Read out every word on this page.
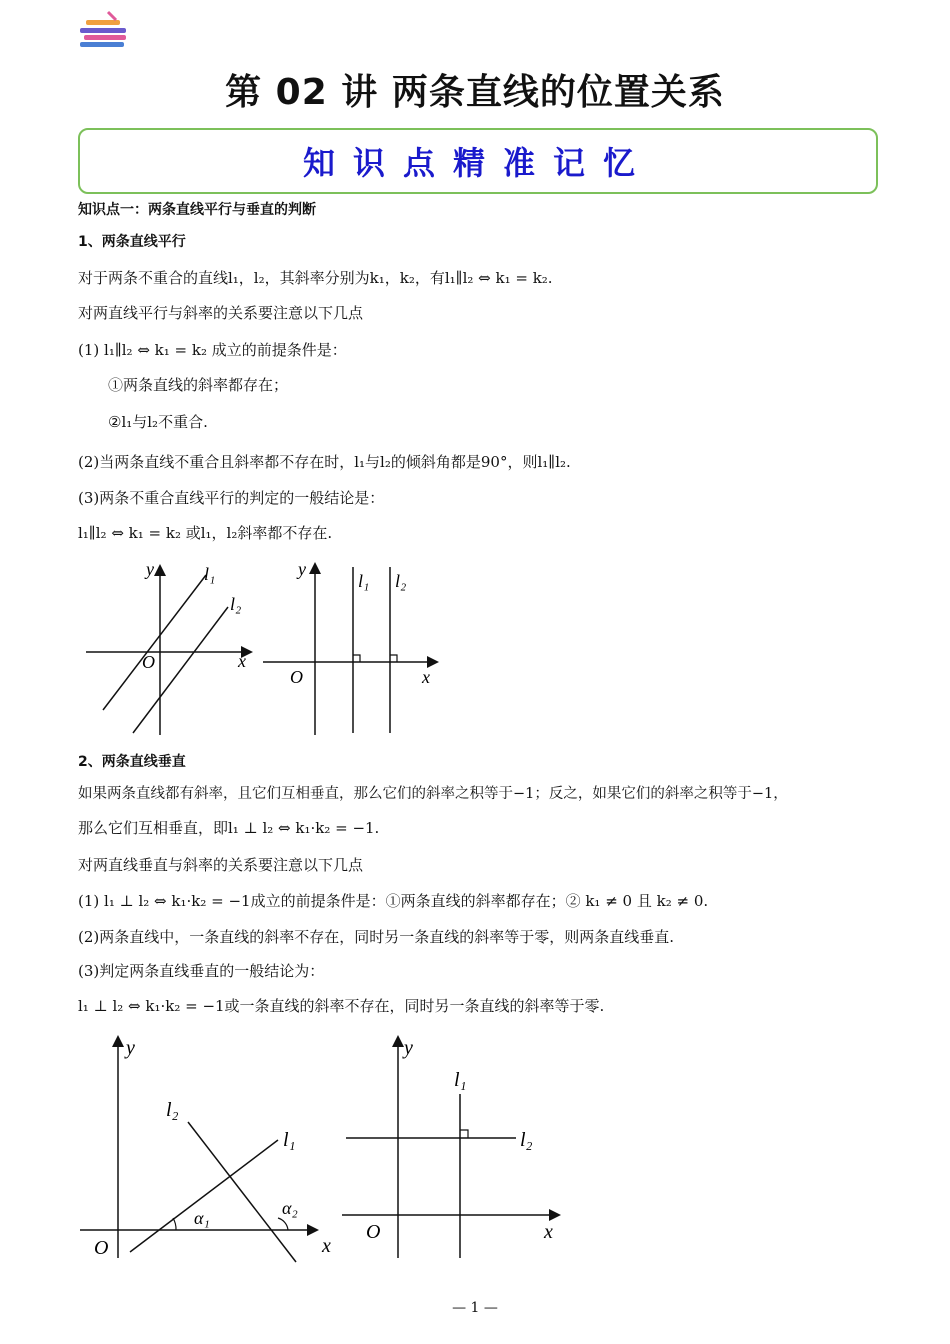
第 02 讲 两条直线的位置关系
知识点精准记忆
知识点一：两条直线平行与垂直的判断
1、两条直线平行
对于两条不重合的直线l₁，l₂，其斜率分别为k₁，k₂，有l₁∥l₂ ⇔ k₁ = k₂.
对两直线平行与斜率的关系要注意以下几点
(1) l₁∥l₂ ⇔ k₁ = k₂ 成立的前提条件是：
①两条直线的斜率都存在；
②l₁与l₂不重合.
(2)当两条直线不重合且斜率都不存在时，l₁与l₂的倾斜角都是90°，则l₁∥l₂.
(3)两条不重合直线平行的判定的一般结论是：
l₁∥l₂ ⇔ k₁ = k₂ 或l₁，l₂斜率都不存在.
y
x
O
l₁
l₂
y
x
O
l₁ l₂
2、两条直线垂直
如果两条直线都有斜率，且它们互相垂直，那么它们的斜率之积等于−1；反之，如果它们的斜率之积等于−1，
那么它们互相垂直，即l₁ ⊥ l₂ ⇔ k₁·k₂ = −1.
对两直线垂直与斜率的关系要注意以下几点
(1) l₁ ⊥ l₂ ⇔ k₁·k₂ = −1成立的前提条件是：①两条直线的斜率都存在；② k₁ ≠ 0 且 k₂ ≠ 0.
(2)两条直线中，一条直线的斜率不存在，同时另一条直线的斜率等于零，则两条直线垂直.
(3)判定两条直线垂直的一般结论为：
l₁ ⊥ l₂ ⇔ k₁·k₂ = −1或一条直线的斜率不存在，同时另一条直线的斜率等于零.
y
x
O
l₁
l₂
α₁	α₂
y
x
O
l₁
l₂
— 1 —
